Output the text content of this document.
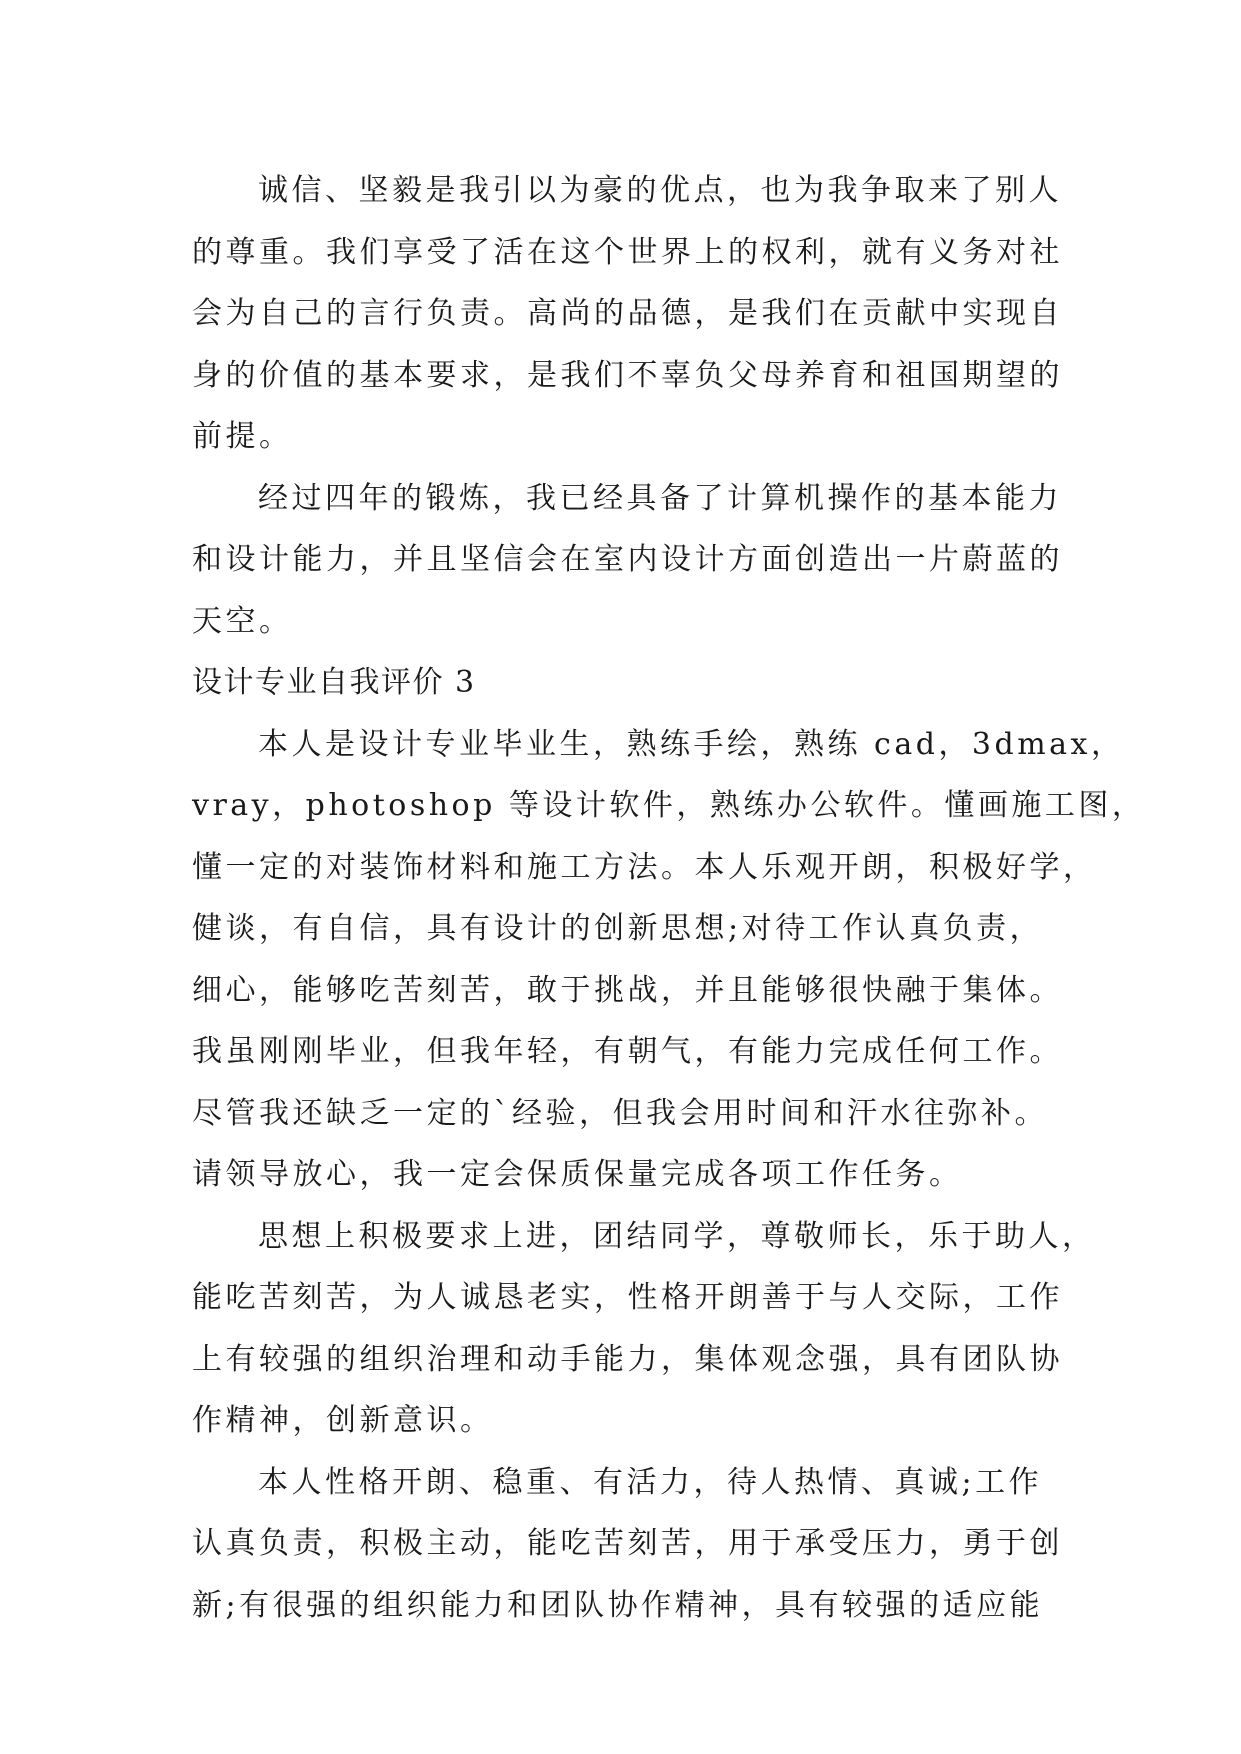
诚信、坚毅是我引以为豪的优点，也为我争取来了别人
的尊重。我们享受了活在这个世界上的权利，就有义务对社
会为自己的言行负责。高尚的品德，是我们在贡献中实现自
身的价值的基本要求，是我们不辜负父母养育和祖国期望的
前提。

经过四年的锻炼，我已经具备了计算机操作的基本能力
和设计能力，并且坚信会在室内设计方面创造出一片蔚蓝的
天空。

设计专业自我评价 3

本人是设计专业毕业生，熟练手绘，熟练 cad，3dmax，
vray，photoshop 等设计软件，熟练办公软件。懂画施工图，
懂一定的对装饰材料和施工方法。本人乐观开朗，积极好学，
健谈，有自信，具有设计的创新思想;对待工作认真负责，
细心，能够吃苦刻苦，敢于挑战，并且能够很快融于集体。
我虽刚刚毕业，但我年轻，有朝气，有能力完成任何工作。
尽管我还缺乏一定的`经验，但我会用时间和汗水往弥补。
请领导放心，我一定会保质保量完成各项工作任务。

思想上积极要求上进，团结同学，尊敬师长，乐于助人，
能吃苦刻苦，为人诚恳老实，性格开朗善于与人交际，工作
上有较强的组织治理和动手能力，集体观念强，具有团队协
作精神，创新意识。

本人性格开朗、稳重、有活力，待人热情、真诚;工作
认真负责，积极主动，能吃苦刻苦，用于承受压力，勇于创
新;有很强的组织能力和团队协作精神，具有较强的适应能
